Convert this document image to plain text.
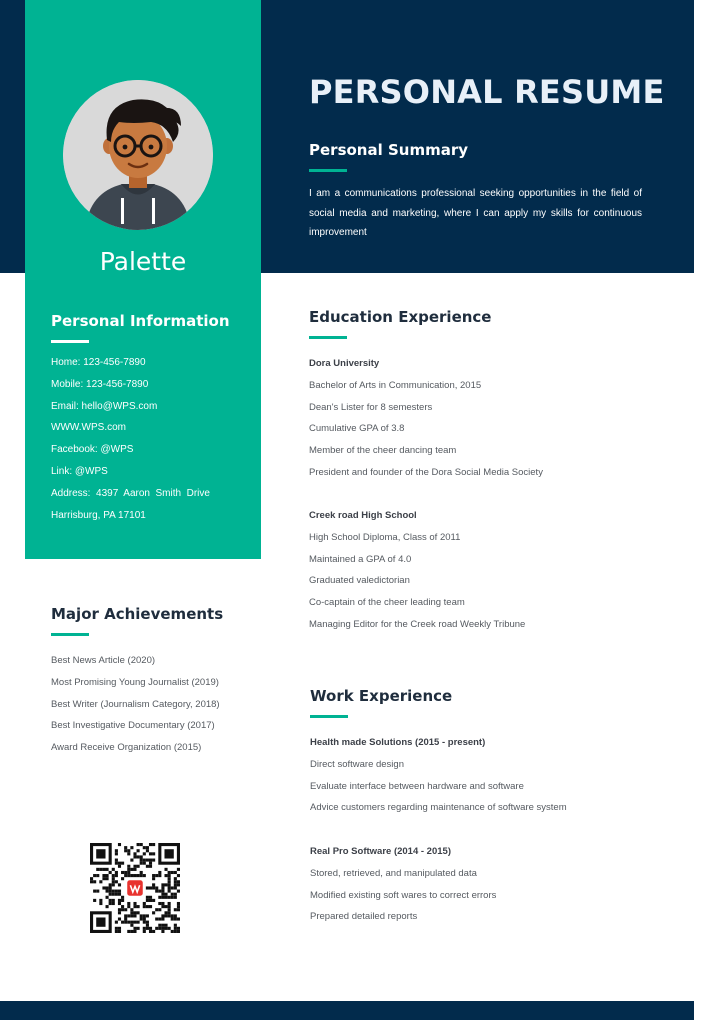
Palette
PERSONAL RESUME
Personal Summary
I am a communications professional seeking opportunities in the field of social media and marketing, where I can apply my skills for continuous improvement
Personal Information
Home: 123-456-7890
Mobile: 123-456-7890
Email: hello@WPS.com
WWW.WPS.com
Facebook: @WPS
Link: @WPS
Address:  4397  Aaron  Smith  Drive
Harrisburg, PA 17101
Major Achievements
Best News Article (2020)
Most Promising Young Journalist (2019)
Best Writer (Journalism Category, 2018)
Best Investigative Documentary (2017)
Award Receive Organization (2015)
Education Experience
Dora University
Bachelor of Arts in Communication, 2015
Dean's Lister for 8 semesters
Cumulative GPA of 3.8
Member of the cheer dancing team
President and founder of the Dora Social Media Society
Creek road High School
High School Diploma, Class of 2011
Maintained a GPA of 4.0
Graduated valedictorian
Co-captain of the cheer leading team
Managing Editor for the Creek road Weekly Tribune
Work Experience
Health made Solutions (2015 - present)
Direct software design
Evaluate interface between hardware and software
Advice customers regarding maintenance of software system
Real Pro Software (2014 - 2015)
Stored, retrieved, and manipulated data
Modified existing soft wares to correct errors
Prepared detailed reports
